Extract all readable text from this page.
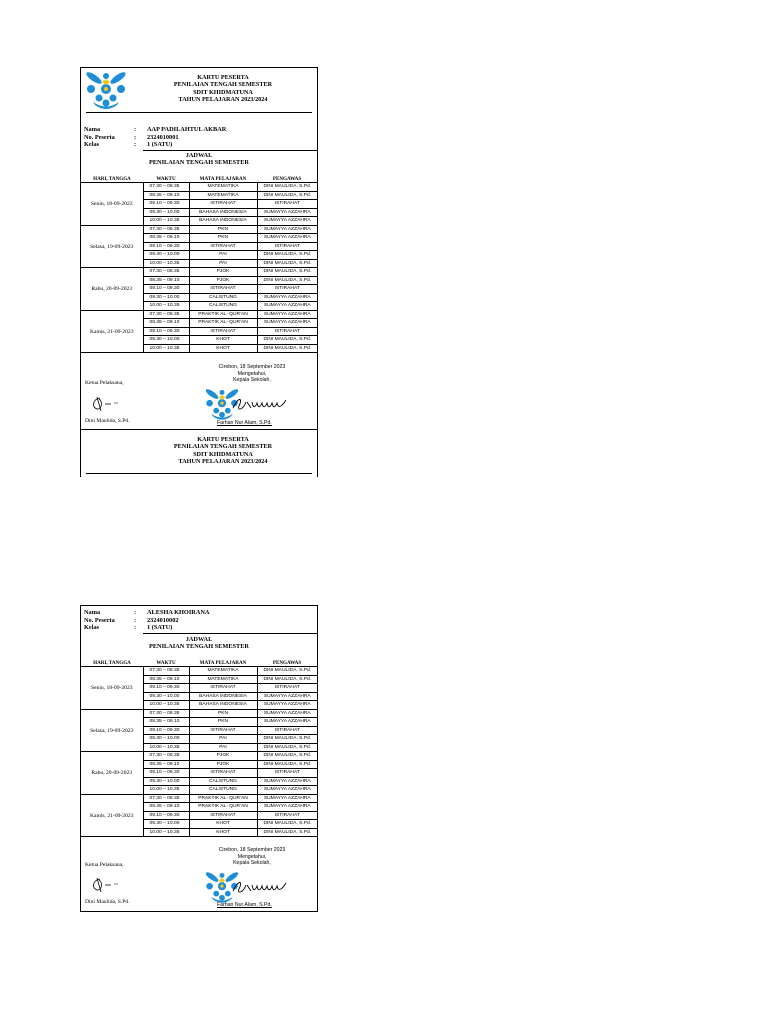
KARTU PESERTA
PENILAIAN TENGAH SEMESTER
SDIT KHIDMATUNA
TAHUN PELAJARAN 2023/2024
Nama	:	AAP PADILAHTUL AKBAR
No. Peserta	:	2324010001
Kelas	:	1 (SATU)
JADWAL
PENILAIAN TENGAH SEMESTER
HARI, TANGGA	WAKTU	MATA PELAJARAN	PENGAWAS
Senin, 18-09-2023	07.30 – 08.35	MATEMATIKA	DINI MAULIDA, S.Pd.
	08.35 – 09.10	MATEMATIKA	DINI MAULIDA, S.Pd.
	09.10 – 09.30	ISTIRAHAT	ISTIRAHAT
	09.30 – 10.00	BAHASA INDONESIA	SUMAYYA AZZAHRA
	10.00 – 10.35	BAHASA INDONESIA	SUMAYYA AZZAHRA
Selasa, 19-09-2023	07.30 – 08.35	PKN	SUMAYYA AZZAHRA
	08.35 – 09.10	PKN	SUMAYYA AZZAHRA
	09.10 – 09.30	ISTIRAHAT	ISTIRAHAT
	09.30 – 10.00	PAI	DINI MAULIDA, S.Pd.
	10.00 – 10.35	PAI	DINI MAULIDA, S.Pd.
Rabu, 20-09-2023	07.30 – 08.35	PJOK	DINI MAULIDA, S.Pd.
	08.35 – 09.10	PJOK	DINI MAULIDA, S.Pd.
	09.10 – 09.30	ISTIRAHAT	ISTIRAHAT
	09.30 – 10.00	CALISTUNG	SUMAYYA AZZAHRA
	10.00 – 10.35	CALISTUNG	SUMAYYA AZZAHRA
Kamis, 21-09-2023	07.30 – 08.35	PRAKTIK AL- QUR'AN	SUMAYYA AZZAHRA
	08.35 – 09.10	PRAKTIK AL- QUR'AN	SUMAYYA AZZAHRA
	09.10 – 09.30	ISTIRAHAT	ISTIRAHAT
	09.30 – 10.00	KHOT	DINI MAULIDA, S.Pd.
	10.00 – 10.35	KHOT	DINI MAULIDA, S.Pd.
Cirebon, 18 September 2023
Mengetahui,
Kepala Sekolah,
Ketua Pelaksana,
Dini Maulida, S.Pd.	Farhan Nur Alam, S.Pd.
KARTU PESERTA
PENILAIAN TENGAH SEMESTER
SDIT KHIDMATUNA
TAHUN PELAJARAN 2023/2024
Nama	:	ALESHA KHOIRANA
No. Peserta	:	2324010002
Kelas	:	1 (SATU)
JADWAL
PENILAIAN TENGAH SEMESTER
HARI, TANGGA	WAKTU	MATA PELAJARAN	PENGAWAS
Senin, 18-09-2023	07.30 – 08.35	MATEMATIKA	DINI MAULIDA, S.Pd.
	08.35 – 09.10	MATEMATIKA	DINI MAULIDA, S.Pd.
	09.10 – 09.30	ISTIRAHAT	ISTIRAHAT
	09.30 – 10.00	BAHASA INDONESIA	SUMAYYA AZZAHRA
	10.00 – 10.35	BAHASA INDONESIA	SUMAYYA AZZAHRA
Selasa, 19-09-2023	07.30 – 08.35	PKN	SUMAYYA AZZAHRA
	08.35 – 09.10	PKN	SUMAYYA AZZAHRA
	09.10 – 09.30	ISTIRAHAT	ISTIRAHAT
	09.30 – 10.00	PAI	DINI MAULIDA, S.Pd.
	10.00 – 10.35	PAI	DINI MAULIDA, S.Pd.
Rabu, 20-09-2023	07.30 – 08.35	PJOK	DINI MAULIDA, S.Pd.
	08.35 – 09.10	PJOK	DINI MAULIDA, S.Pd.
	09.10 – 09.30	ISTIRAHAT	ISTIRAHAT
	09.30 – 10.00	CALISTUNG	SUMAYYA AZZAHRA
	10.00 – 10.35	CALISTUNG	SUMAYYA AZZAHRA
Kamis, 21-09-2023	07.30 – 08.35	PRAKTIK AL- QUR'AN	SUMAYYA AZZAHRA
	08.35 – 09.10	PRAKTIK AL- QUR'AN	SUMAYYA AZZAHRA
	09.10 – 09.30	ISTIRAHAT	ISTIRAHAT
	09.30 – 10.00	KHOT	DINI MAULIDA, S.Pd.
	10.00 – 10.35	KHOT	DINI MAULIDA, S.Pd.
Cirebon, 18 September 2023
Mengetahui,
Kepala Sekolah,
Ketua Pelaksana,
Dini Maulida, S.Pd.	Farhan Nur Alam, S.Pd.
